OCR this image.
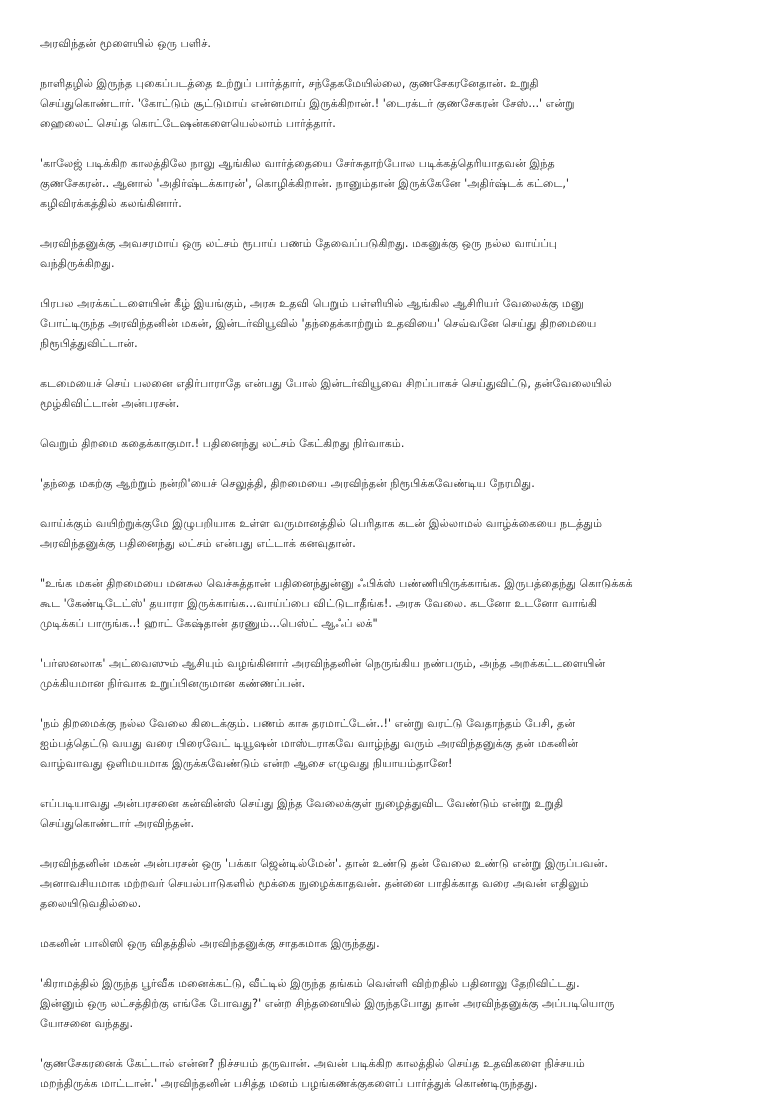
அரவிந்தன் மூளையில் ஒரு பளிச்.

நாளிதழில் இருந்த புகைப்படத்தை உற்றுப் பார்த்தார், சந்தேகமேயில்லை, குணசேகரனேதான். உறுதி
செய்துகொண்டார். 'கோட்டும் சூட்டுமாய் என்னமாய் இருக்கிறான்.! 'டைரக்டர் குணசேகரன் சேஸ்...' என்று
ஹைலைட் செய்த கொட்டேஷன்களையெல்லாம் பார்த்தார்.

'காலேஜ் படிக்கிற காலத்திலே நாலு ஆங்கில வார்த்தையை சேர்சுதாற்போல படிக்கத்தெரியாதவன் இந்த
குணசேகரன்.. ஆனால் 'அதிர்ஷ்டக்காரன்', கொழிக்கிறான். நானும்தான் இருக்கேனே 'அதிர்ஷ்டக் கட்டை,'
கழிவிரக்கத்தில் கலங்கினார்.

அரவிந்தனுக்கு அவசரமாய் ஒரு லட்சம் ரூபாய் பணம் தேவைப்படுகிறது. மகனுக்கு ஒரு நல்ல வாய்ப்பு
வந்திருக்கிறது.

பிரபல அரக்கட்டளையின் கீழ் இயங்கும், அரசு உதவி பெறும் பள்ளியில் ஆங்கில ஆசிரியர் வேலைக்கு மனு
போட்டிருந்த அரவிந்தனின் மகன், இன்டர்வியூவில் 'தந்தைக்காற்றும் உதவியை' செவ்வனே செய்து திறமையை
நிரூபித்துவிட்டான்.

கடமையைச் செய் பலனை எதிர்பாராதே என்பது போல் இன்டர்வியூவை சிறப்பாகச் செய்துவிட்டு, தன்வேலையில்
மூழ்கிவிட்டான் அன்பரசன்.

வெறும் திறமை கதைக்காகுமா.! பதினைந்து லட்சம் கேட்கிறது நிர்வாகம்.

'தந்தை மகற்கு ஆற்றும் நன்றி'யைச் செலுத்தி, திறமையை அரவிந்தன் நிரூபிக்கவேண்டிய நேரமிது.

வாய்க்கும் வயிற்றுக்குமே இழுபறியாக உள்ள வருமானத்தில் பெரிதாக கடன் இல்லாமல் வாழ்க்கையை நடத்தும்
அரவிந்தனுக்கு பதினைந்து லட்சம் என்பது எட்டாக் கனவுதான்.

"உங்க மகன் திறமையை மனசுல வெச்சுத்தான் பதினைந்துன்னு ஃபிக்ஸ் பண்ணியிருக்காங்க. இருபத்தைந்து கொடுக்கக்
கூட 'கேண்டிடேட்ஸ்' தயாரா இருக்காங்க...வாய்ப்பை விட்டுடாதீங்க!. அரசு வேலை. கடனோ உடனோ வாங்கி
முடிக்கப் பாருங்க..! ஹாட் கேஷ்தான் தரணும்...பெஸ்ட் ஆஃப் லக்"

'பர்ஸனலாக' அட்வைஸும் ஆசியும் வழங்கினார் அரவிந்தனின் நெருங்கிய நண்பரும், அந்த அறக்கட்டளையின்
முக்கியமான நிர்வாக உறுப்பினருமான கண்ணப்பன்.

'நம் திறமைக்கு நல்ல வேலை கிடைக்கும். பணம் காசு தரமாட்டேன்..!' என்று வரட்டு வேதாந்தம் பேசி, தன்
ஐம்பத்தெட்டு வயது வரை பிரைவேட் டியூஷன் மாஸ்டராகவே வாழ்ந்து வரும் அரவிந்தனுக்கு தன் மகனின்
வாழ்வாவது ஒளிமயமாக இருக்கவேண்டும் என்ற ஆசை எழுவது நியாயம்தானே!

எப்படியாவது அன்பரசனை கன்வின்ஸ் செய்து இந்த வேலைக்குள் நுழைத்துவிட வேண்டும் என்று உறுதி
செய்துகொண்டார் அரவிந்தன்.

அரவிந்தனின் மகன் அன்பரசன் ஒரு 'பக்கா ஜென்டில்மேன்'. தான் உண்டு தன் வேலை உண்டு என்று இருப்பவன்.
அனாவசியமாக மற்றவர் செயல்பாடுகளில் மூக்கை நுழைக்காதவன். தன்னை பாதிக்காத வரை அவன் எதிலும்
தலையிடுவதில்லை.

மகனின் பாலிஸி ஒரு விதத்தில் அரவிந்தனுக்கு சாதகமாக இருந்தது.

'கிராமத்தில் இருந்த பூர்வீக மனைக்கட்டு, வீட்டில் இருந்த தங்கம் வெள்ளி விற்றதில் பதினாலு தேறிவிட்டது.
இன்னும் ஒரு லட்சத்திற்கு எங்கே போவது?' என்ற சிந்தனையில் இருந்தபோது தான் அரவிந்தனுக்கு அப்படியொரு
யோசனை வந்தது.

'குணசேகரனைக் கேட்டால் என்ன? நிச்சயம் தருவான். அவன் படிக்கிற காலத்தில் செய்த உதவிகளை நிச்சயம்
மறந்திருக்க மாட்டான்.' அரவிந்தனின் பசித்த மனம் பழங்கணக்குகளைப் பார்த்துக் கொண்டிருந்தது.
